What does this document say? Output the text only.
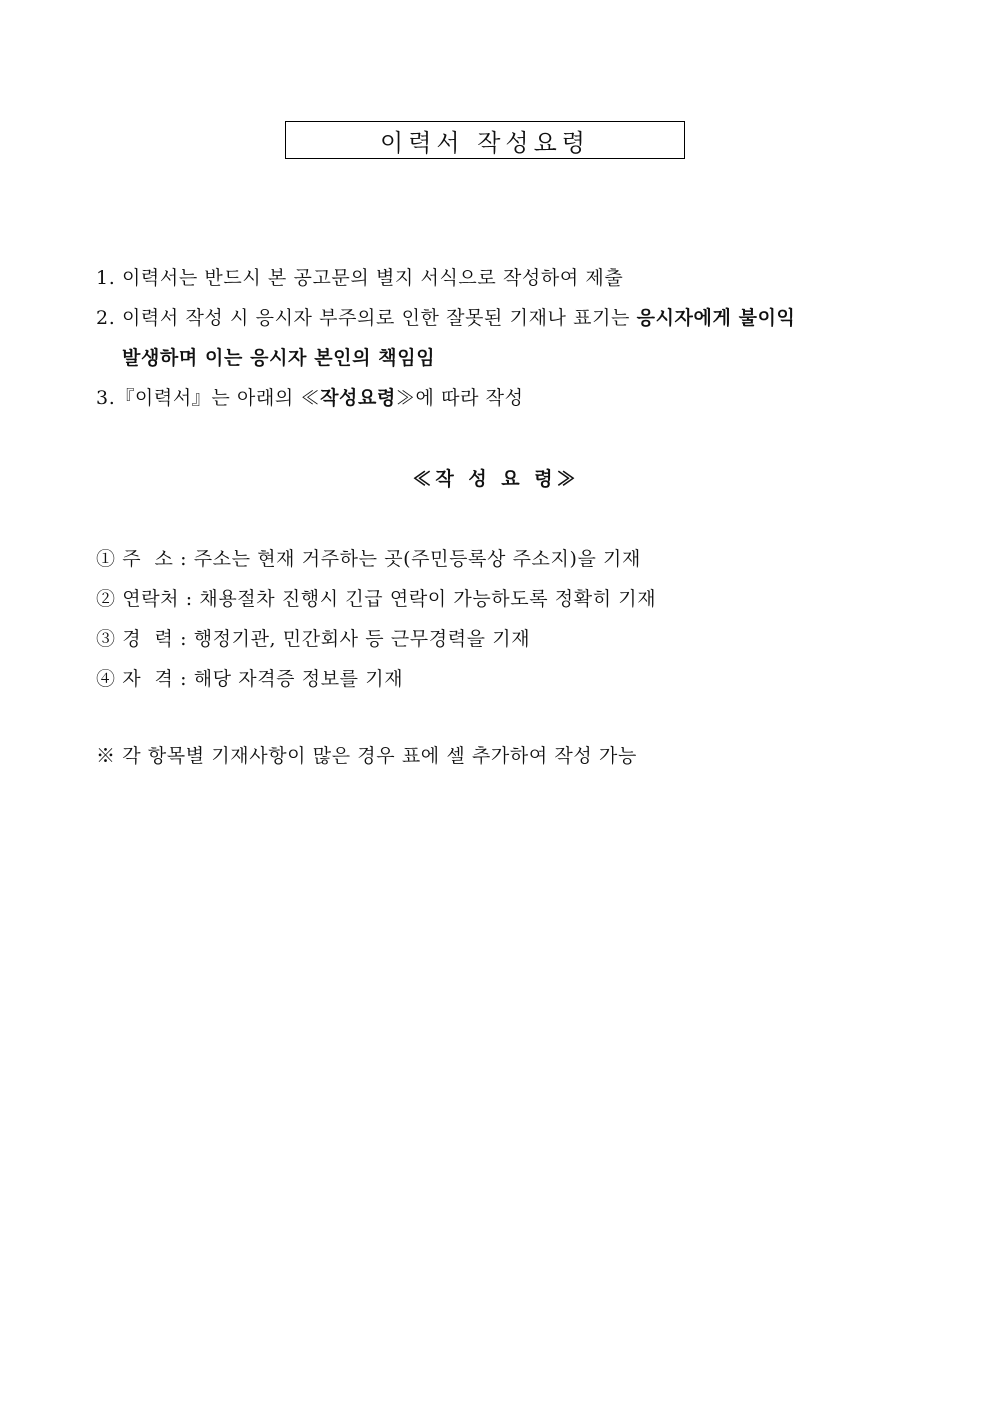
이력서 작성요령
1. 이력서는 반드시 본 공고문의 별지 서식으로 작성하여 제출
2. 이력서 작성 시 응시자 부주의로 인한 잘못된 기재나 표기는 응시자에게 불이익
발생하며 이는 응시자 본인의 책임임
3.『이력서』는 아래의 ≪작성요령≫에 따라 작성
≪작 성 요 령≫
① 주  소 : 주소는 현재 거주하는 곳(주민등록상 주소지)을 기재
② 연락처 : 채용절차 진행시 긴급 연락이 가능하도록 정확히 기재
③ 경  력 : 행정기관, 민간회사 등 근무경력을 기재
④ 자  격 : 해당 자격증 정보를 기재
※ 각 항목별 기재사항이 많은 경우 표에 셀 추가하여 작성 가능
